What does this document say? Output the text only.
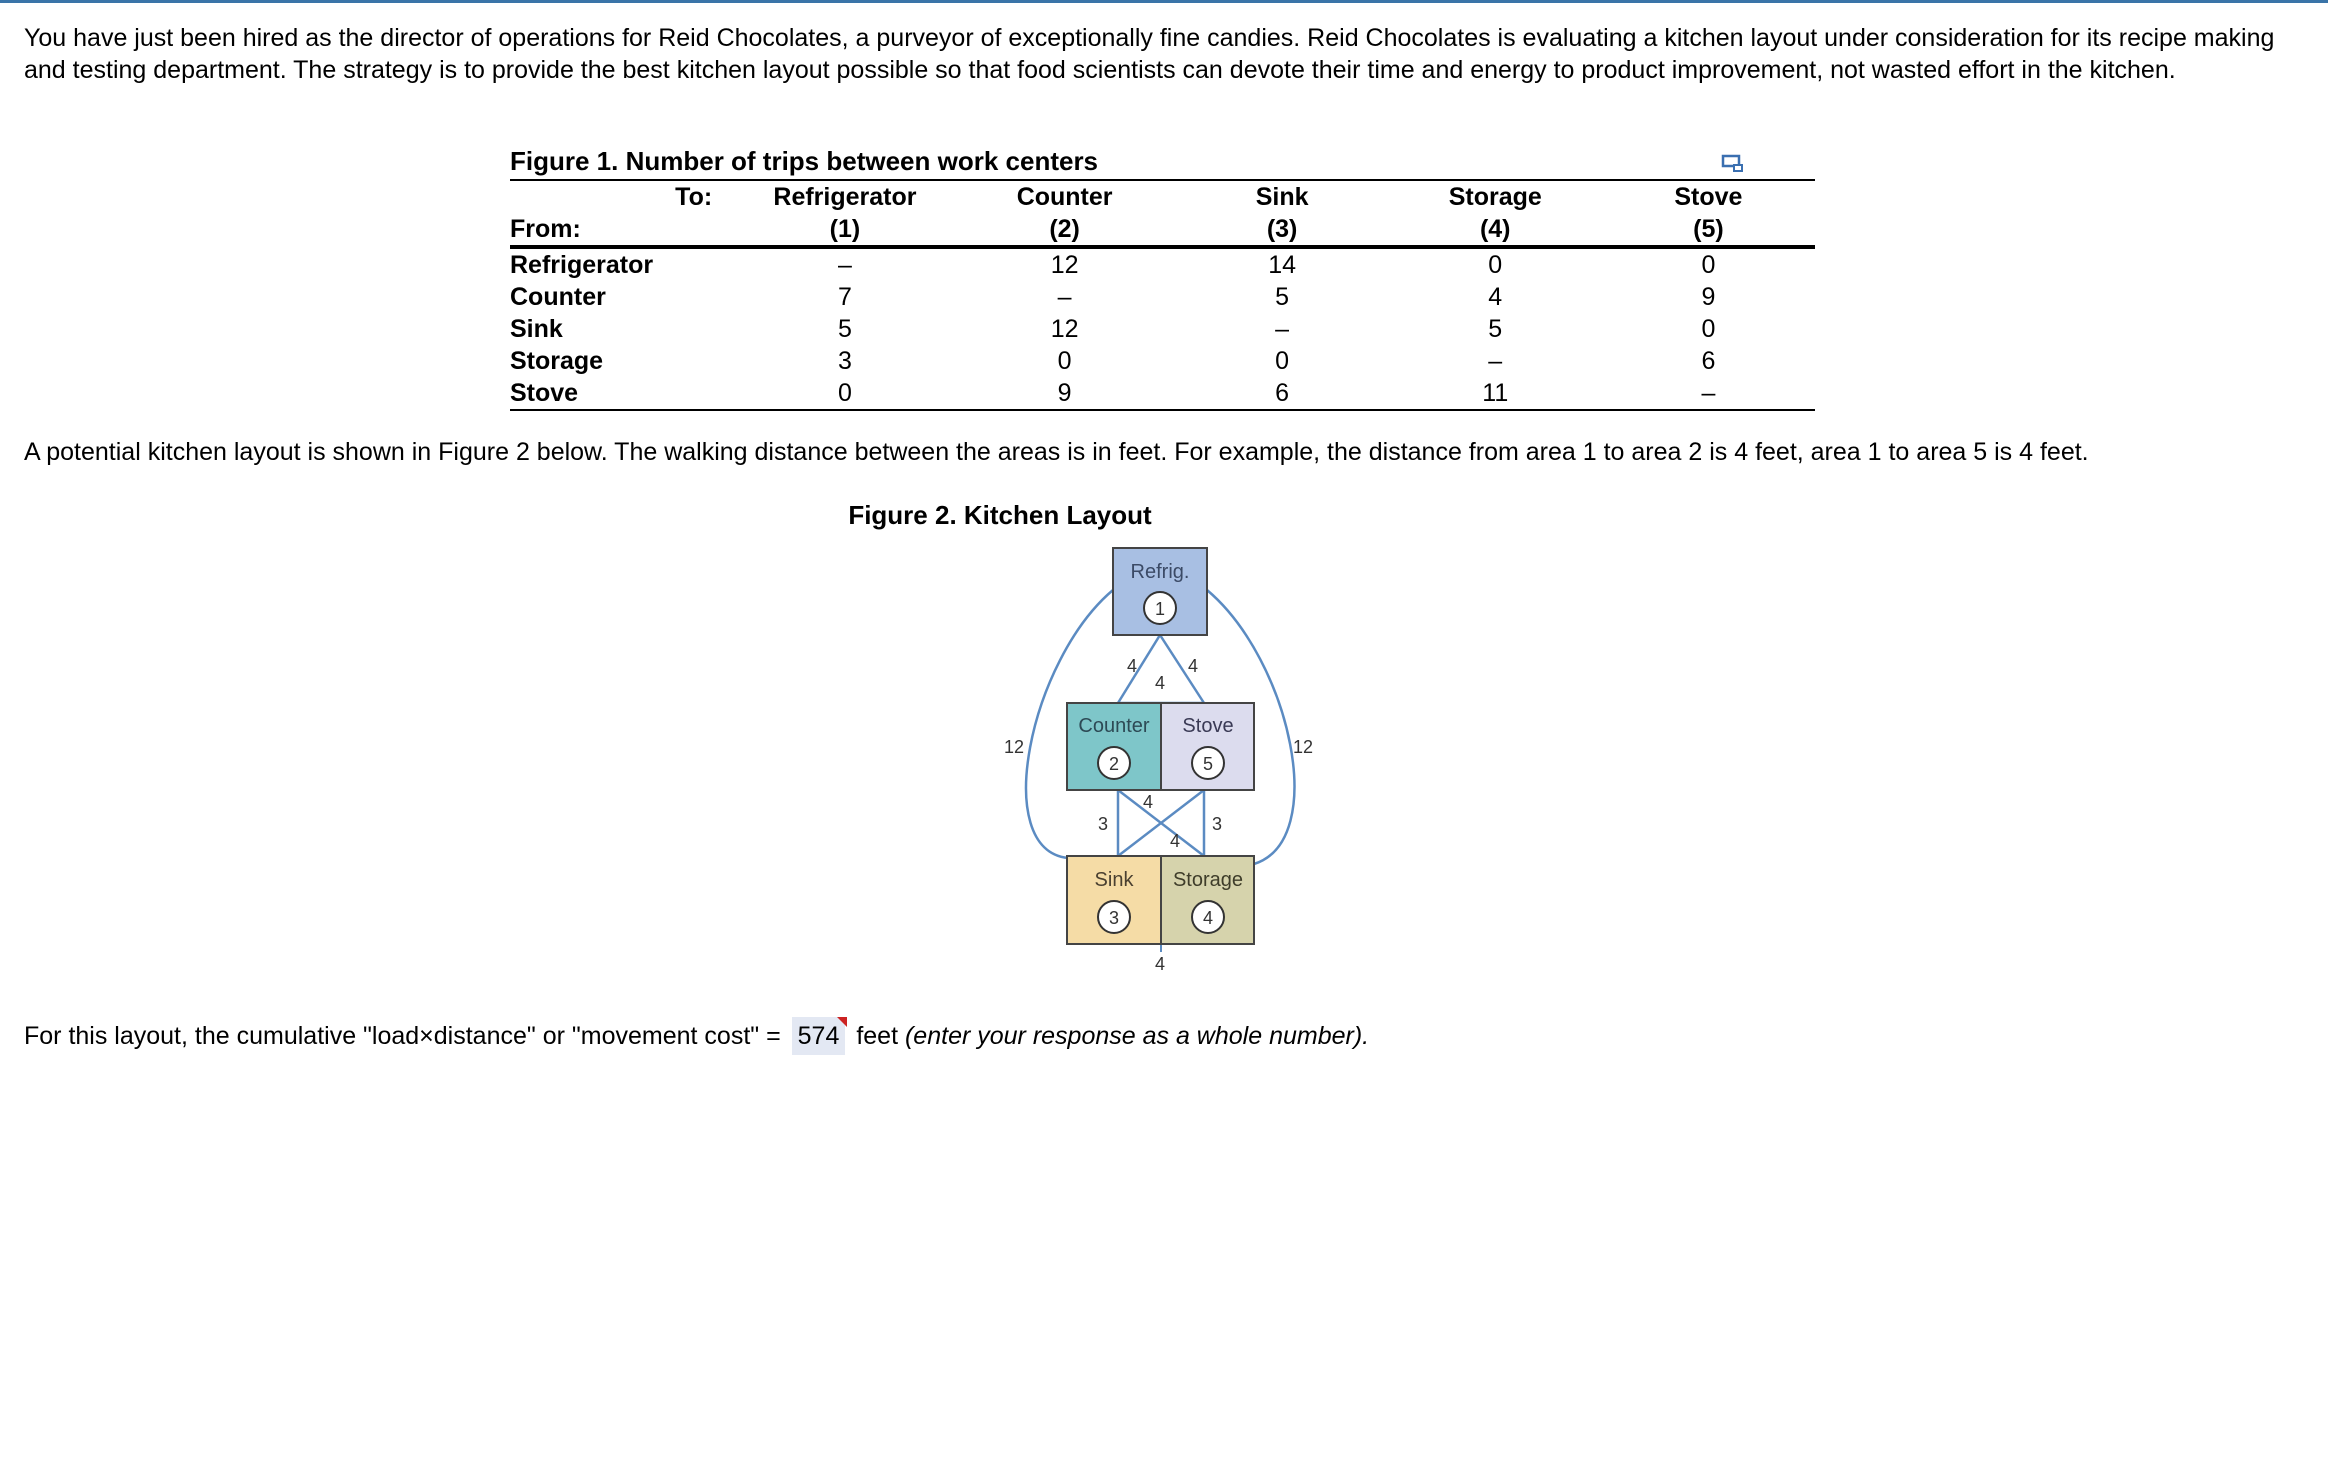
You have just been hired as the director of operations for Reid Chocolates, a purveyor of exceptionally fine candies. Reid Chocolates is evaluating a kitchen layout under consideration for its recipe making and testing department. The strategy is to provide the best kitchen layout possible so that food scientists can devote their time and energy to product improvement, not wasted effort in the kitchen.

Figure 1. Number of trips between work centers
To:	Refrigerator	Counter	Sink	Storage	Stove
From:	(1)	(2)	(3)	(4)	(5)
Refrigerator	–	12	14	0	0
Counter	7	–	5	4	9
Sink	5	12	–	5	0
Storage	3	0	0	–	6
Stove	0	9	6	11	–

A potential kitchen layout is shown in Figure 2 below. The walking distance between the areas is in feet. For example, the distance from area 1 to area 2 is 4 feet, area 1 to area 5 is 4 feet.

Figure 2. Kitchen Layout
Refrig.
1
Counter
2
Stove
5
Sink
3
Storage
4
4	4
4
3
4
3
4
4
12	12
For this layout, the cumulative "load×distance" or "movement cost" = 574 feet (enter your response as a whole number).
